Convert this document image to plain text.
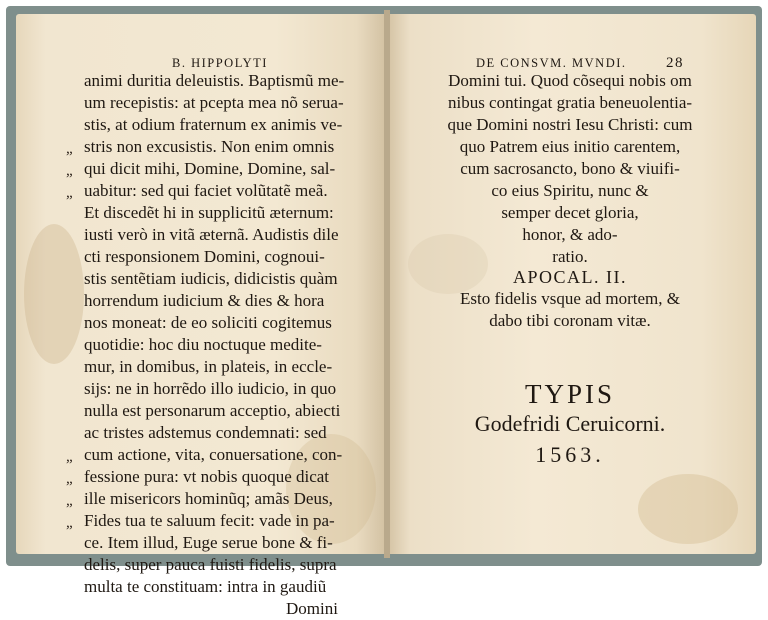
B. HIPPOLYTI
animi duritia deleuistis. Baptismũ me-
um recepistis: at pcepta mea nõ serua-
stis, at odium fraternum ex animis ve-
stris non excusistis. Non enim omnis
qui dicit mihi, Domine, Domine, sal-
uabitur: sed qui faciet volũtatẽ meã.
Et discedẽt hi in supplicitũ æternum:
iusti verò in vitã æternã. Audistis dile
cti responsionem Domini, cognoui-
stis sentẽtiam iudicis, didicistis quàm
horrendum iudicium & dies & hora
nos moneat: de eo soliciti cogitemus
quotidie: hoc diu noctuque medite-
mur, in domibus, in plateis, in eccle-
sijs: ne in horrẽdo illo iudicio, in quo
nulla est personarum acceptio, abiecti
ac tristes adstemus condemnati: sed
cum actione, vita, conuersatione, con-
fessione pura: vt nobis quoque dicat
ille misericors hominũq; amãs Deus,
Fides tua te saluum fecit: vade in pa-
ce. Item illud, Euge serue bone & fi-
delis, super pauca fuisti fidelis, supra
multa te constituam: intra in gaudiũ
Domini
„
„
„
„
„
„
„
DE CONSVM. MVNDI.	28
Domini tui. Quod cõsequi nobis om
nibus contingat gratia beneuolentia-
que Domini nostri Iesu Christi: cum
quo Patrem eius initio carentem,
cum sacrosancto, bono & viuifi-
co eius Spiritu, nunc &
semper decet gloria,
honor, & ado-
ratio.
APOCAL. II.
Esto fidelis vsque ad mortem, &
dabo tibi coronam vitæ.
TYPIS
Godefridi Ceruicorni.
1563.
